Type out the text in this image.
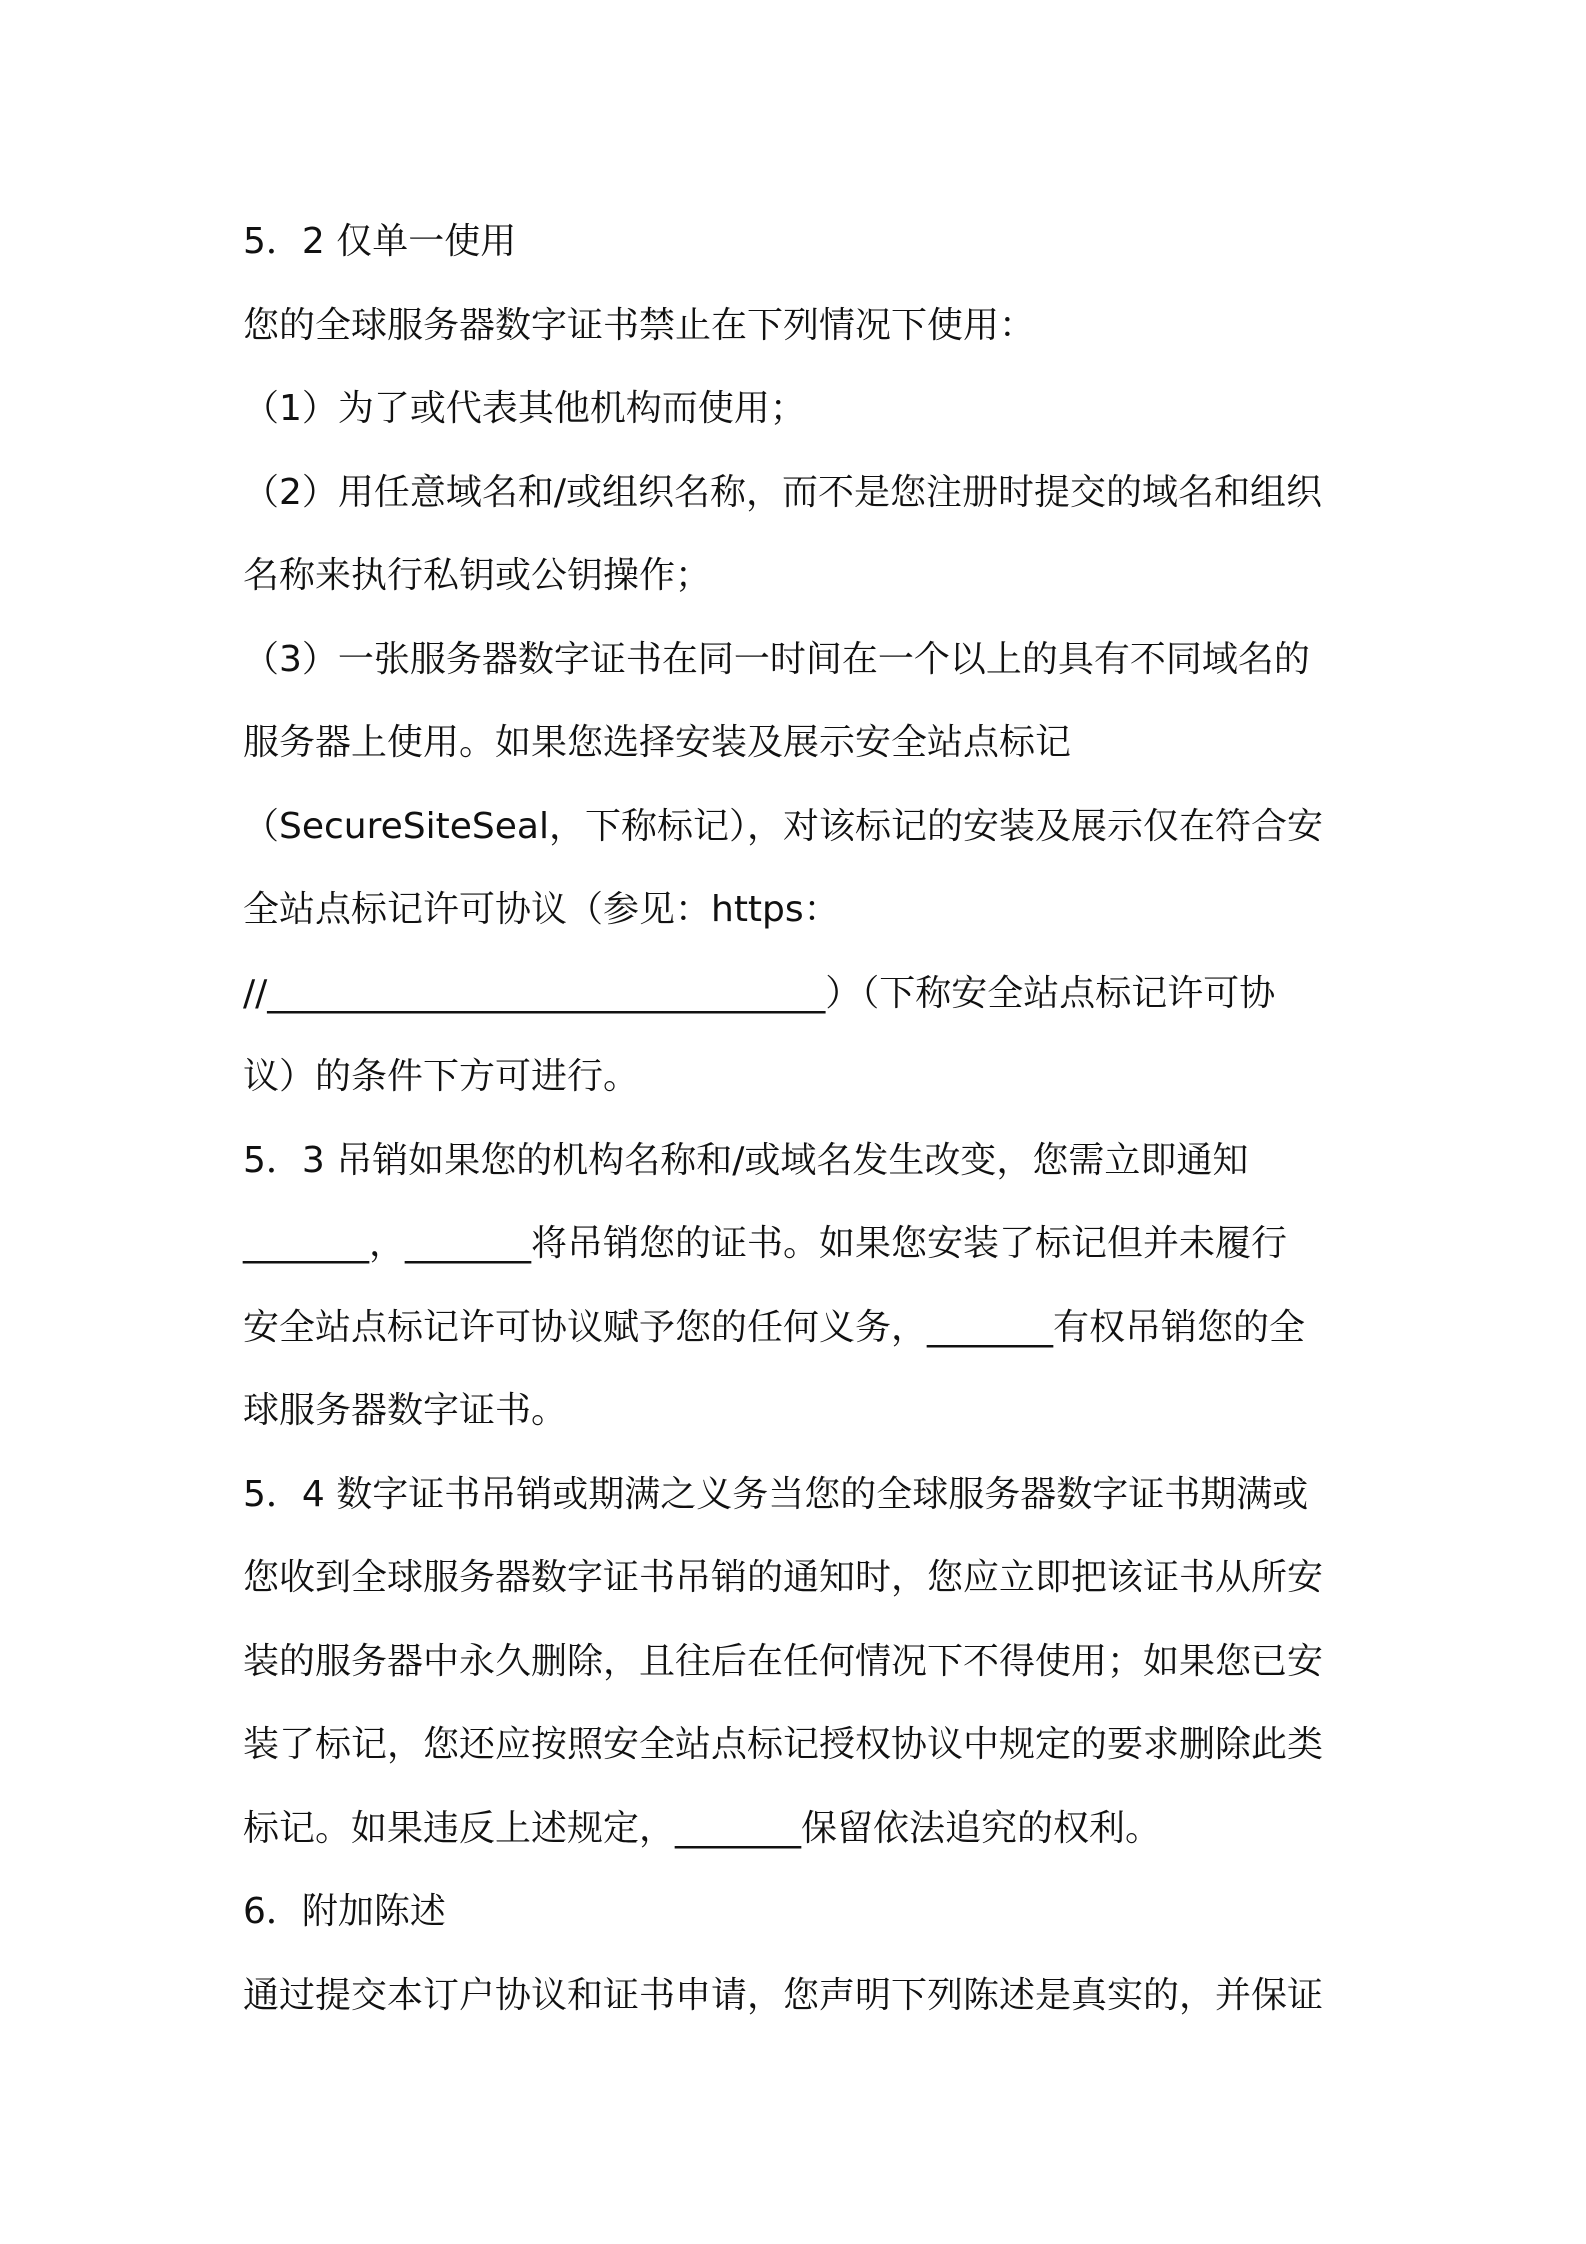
5．2 仅单一使用
您的全球服务器数字证书禁止在下列情况下使用：
（1）为了或代表其他机构而使用；
（2）用任意域名和/或组织名称，而不是您注册时提交的域名和组织
名称来执行私钥或公钥操作；
（3）一张服务器数字证书在同一时间在一个以上的具有不同域名的
服务器上使用。如果您选择安装及展示安全站点标记
（SecureSiteSeal，下称标记），对该标记的安装及展示仅在符合安
全站点标记许可协议（参见：https：
//_______________________________）（下称安全站点标记许可协
议）的条件下方可进行。
5．3 吊销如果您的机构名称和/或域名发生改变，您需立即通知
_______，_______将吊销您的证书。如果您安装了标记但并未履行
安全站点标记许可协议赋予您的任何义务，_______有权吊销您的全
球服务器数字证书。
5．4 数字证书吊销或期满之义务当您的全球服务器数字证书期满或
您收到全球服务器数字证书吊销的通知时，您应立即把该证书从所安
装的服务器中永久删除，且往后在任何情况下不得使用；如果您已安
装了标记，您还应按照安全站点标记授权协议中规定的要求删除此类
标记。如果违反上述规定，_______保留依法追究的权利。
6．附加陈述
通过提交本订户协议和证书申请，您声明下列陈述是真实的，并保证
